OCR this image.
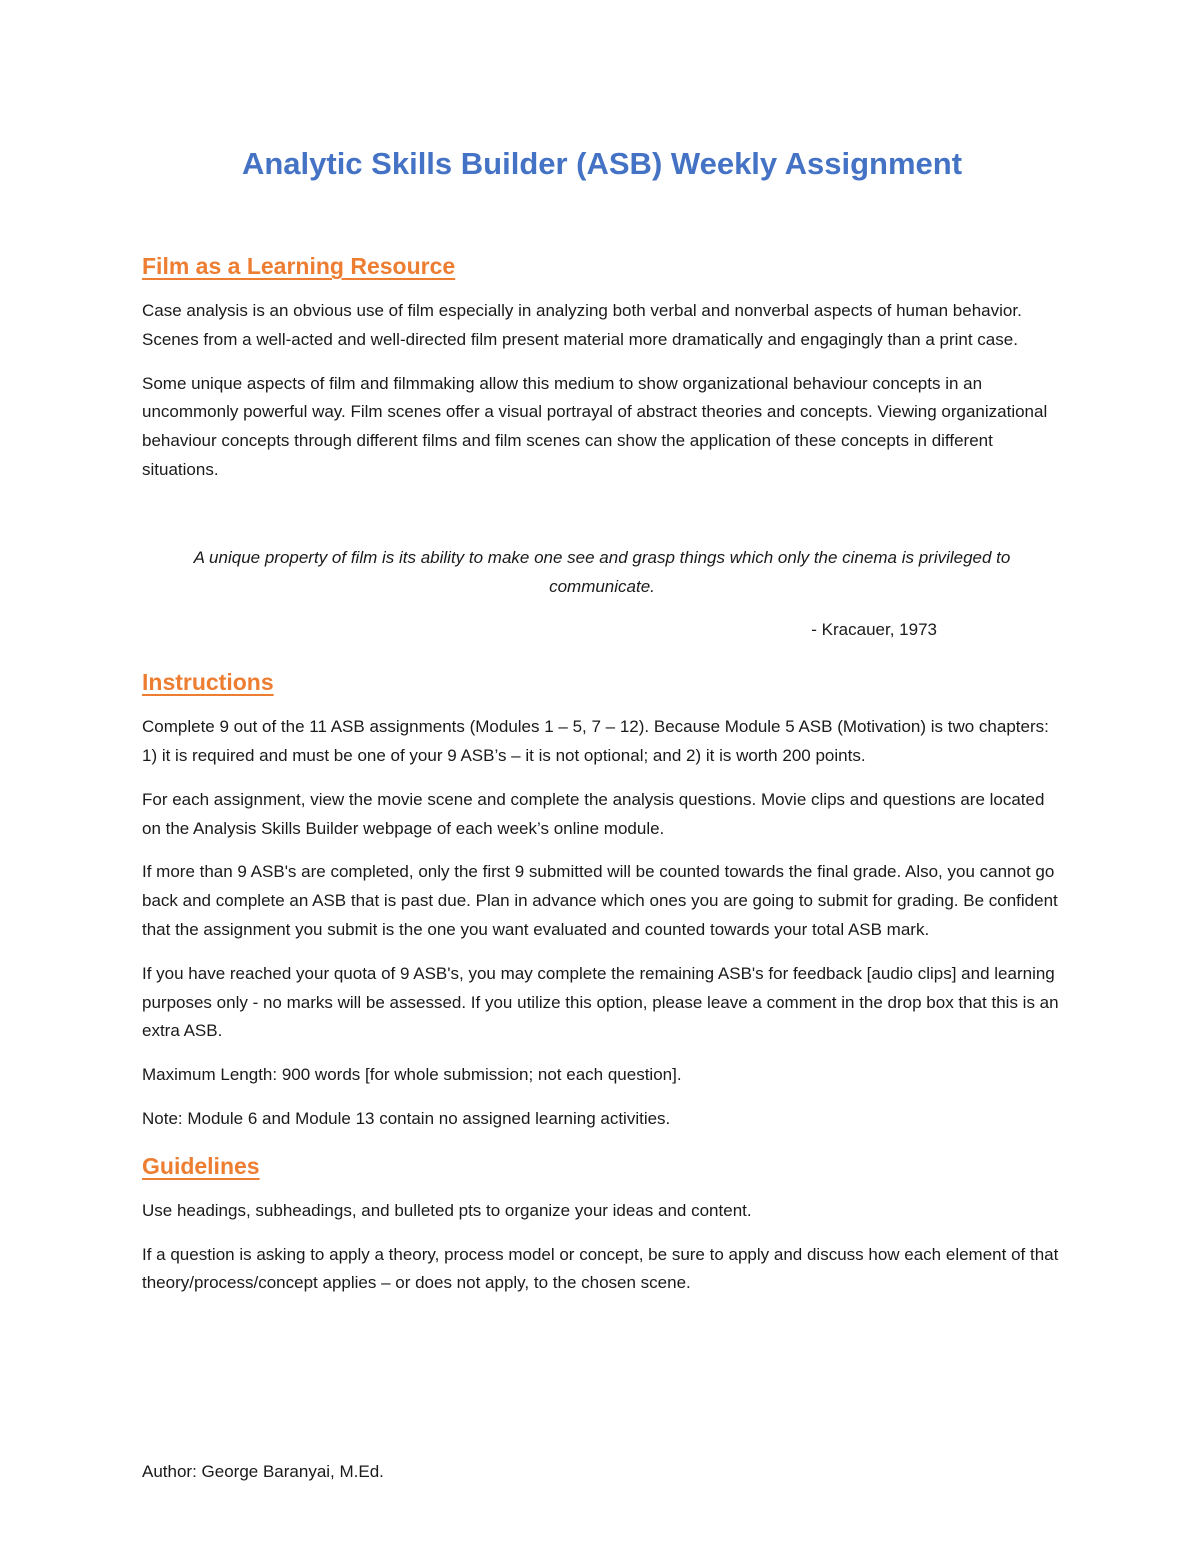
Analytic Skills Builder (ASB) Weekly Assignment
Film as a Learning Resource

Case analysis is an obvious use of film especially in analyzing both verbal and nonverbal aspects of human behavior. Scenes from a well-acted and well-directed film present material more dramatically and engagingly than a print case.

Some unique aspects of film and filmmaking allow this medium to show organizational behaviour concepts in an uncommonly powerful way. Film scenes offer a visual portrayal of abstract theories and concepts. Viewing organizational behaviour concepts through different films and film scenes can show the application of these concepts in different situations.

A unique property of film is its ability to make one see and grasp things which only the cinema is privileged to communicate.

- Kracauer, 1973

Instructions

Complete 9 out of the 11 ASB assignments (Modules 1 – 5, 7 – 12). Because Module 5 ASB (Motivation) is two chapters: 1) it is required and must be one of your 9 ASB’s – it is not optional; and 2) it is worth 200 points.

For each assignment, view the movie scene and complete the analysis questions. Movie clips and questions are located on the Analysis Skills Builder webpage of each week’s online module.

If more than 9 ASB's are completed, only the first 9 submitted will be counted towards the final grade. Also, you cannot go back and complete an ASB that is past due. Plan in advance which ones you are going to submit for grading. Be confident that the assignment you submit is the one you want evaluated and counted towards your total ASB mark.

If you have reached your quota of 9 ASB's, you may complete the remaining ASB's for feedback [audio clips] and learning purposes only - no marks will be assessed. If you utilize this option, please leave a comment in the drop box that this is an extra ASB.

Maximum Length: 900 words [for whole submission; not each question].

Note: Module 6 and Module 13 contain no assigned learning activities.

Guidelines

Use headings, subheadings, and bulleted pts to organize your ideas and content.

If a question is asking to apply a theory, process model or concept, be sure to apply and discuss how each element of that theory/process/concept applies – or does not apply, to the chosen scene.

Author: George Baranyai, M.Ed.
